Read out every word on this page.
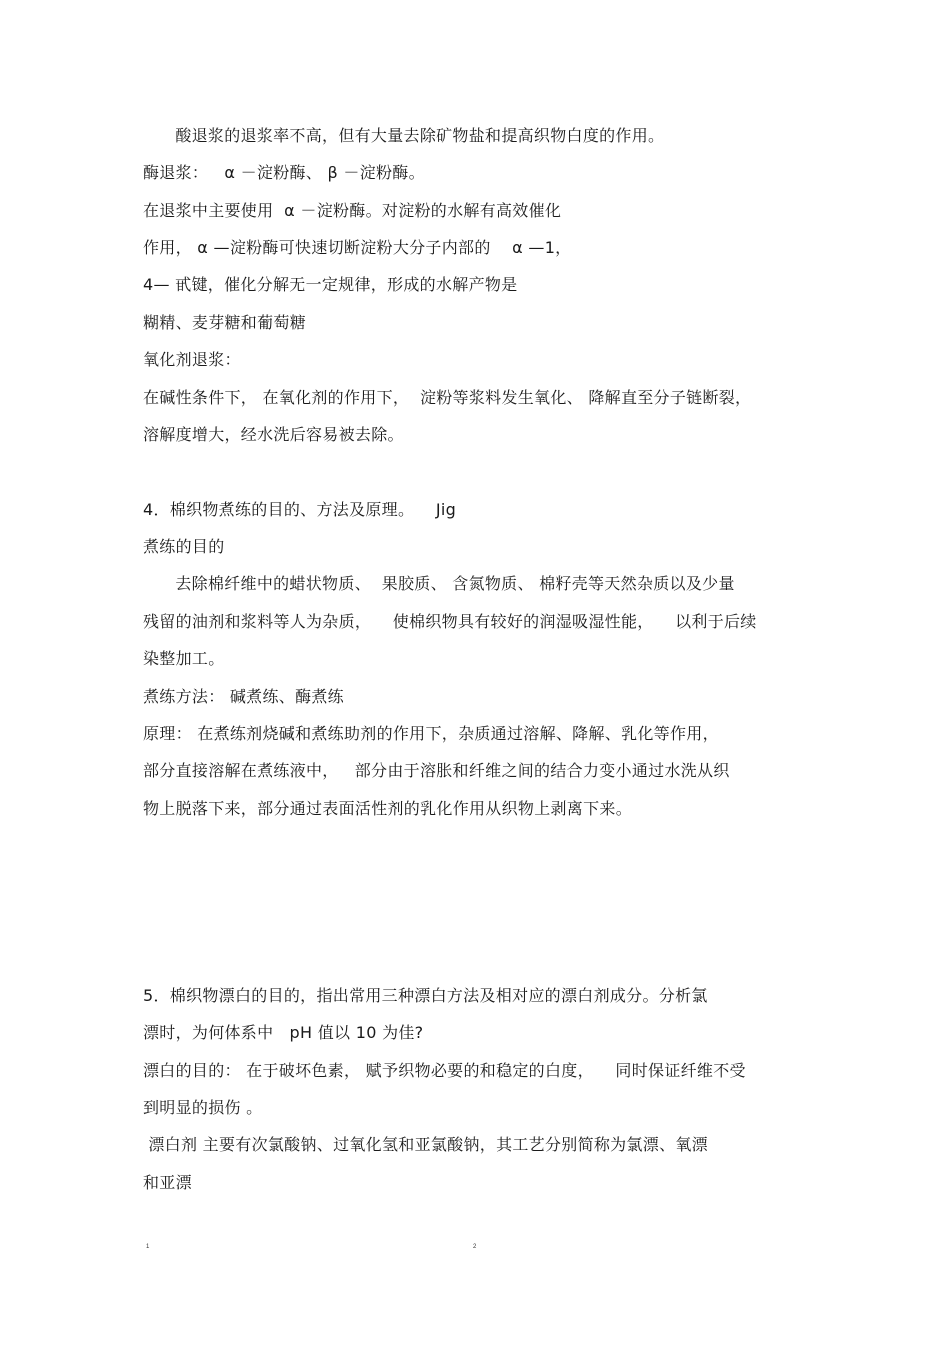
酸退浆的退浆率不高，但有大量去除矿物盐和提高织物白度的作用。
酶退浆：   α －淀粉酶、 β －淀粉酶。
在退浆中主要使用  α －淀粉酶。对淀粉的水解有高效催化
作用， α —淀粉酶可快速切断淀粉大分子内部的    α —1，
4— 甙键，催化分解无一定规律，形成的水解产物是
糊精、麦芽糖和葡萄糖
氧化剂退浆：
在碱性条件下， 在氧化剂的作用下，  淀粉等浆料发生氧化、 降解直至分子链断裂，
溶解度增大，经水洗后容易被去除。
4．棉织物煮练的目的、方法及原理。    Jig
煮练的目的
去除棉纤维中的蜡状物质、  果胶质、 含氮物质、 棉籽壳等天然杂质以及少量
残留的油剂和浆料等人为杂质，    使棉织物具有较好的润湿吸湿性能，    以利于后续
染整加工。
煮练方法： 碱煮练、酶煮练
原理： 在煮练剂烧碱和煮练助剂的作用下，杂质通过溶解、降解、乳化等作用，
部分直接溶解在煮练液中，   部分由于溶胀和纤维之间的结合力变小通过水洗从织
物上脱落下来，部分通过表面活性剂的乳化作用从织物上剥离下来。
5．棉织物漂白的目的，指出常用三种漂白方法及相对应的漂白剂成分。分析氯
漂时，为何体系中   pH 值以 10 为佳?
漂白的目的： 在于破坏色素， 赋予织物必要的和稳定的白度，    同时保证纤维不受
到明显的损伤 。
漂白剂 主要有次氯酸钠、过氧化氢和亚氯酸钠，其工艺分别简称为氯漂、氧漂
和亚漂
1	2
